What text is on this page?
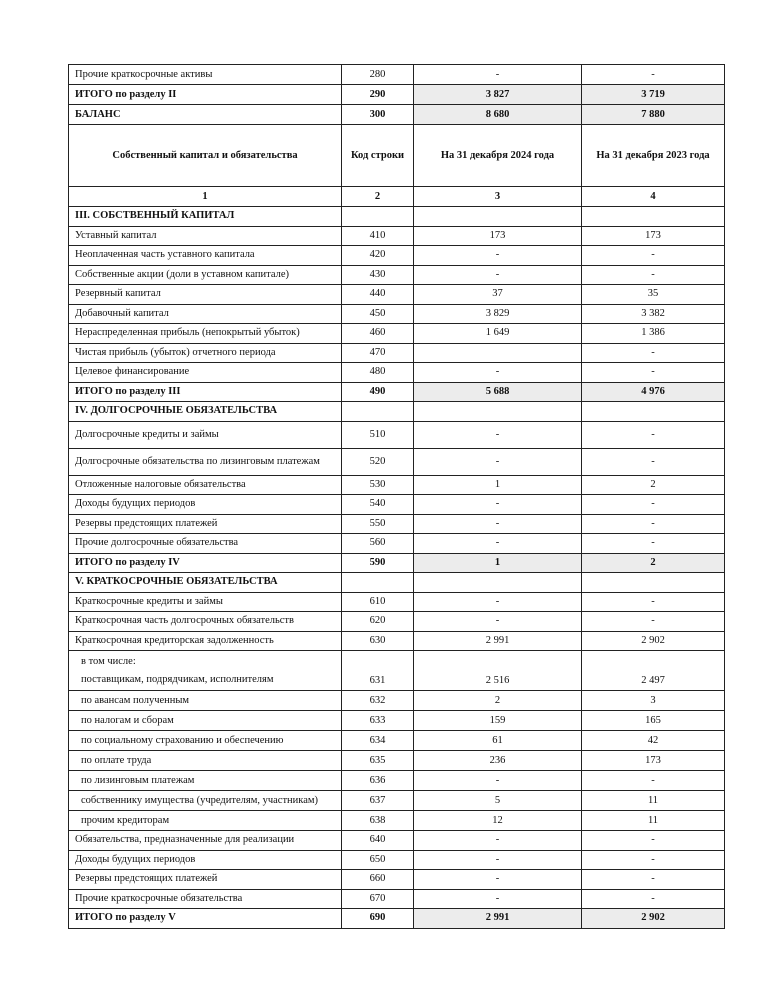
Прочие краткосрочные активы	280	-	-
ИТОГО по разделу II	290	3 827	3 719
БАЛАНС	300	8 680	7 880
Собственный капитал и обязательства	Код строки	На 31 декабря 2024 года	На 31 декабря 2023 года
1	2	3	4
III. СОБСТВЕННЫЙ КАПИТАЛ			
Уставный капитал	410	173	173
Неоплаченная часть уставного капитала	420	-	-
Собственные акции (доли в уставном капитале)	430	-	-
Резервный капитал	440	37	35
Добавочный капитал	450	3 829	3 382
Нераспределенная прибыль (непокрытый убыток)	460	1 649	1 386
Чистая прибыль (убыток) отчетного периода	470		-
Целевое финансирование	480	-	-
ИТОГО по разделу III	490	5 688	4 976
IV. ДОЛГОСРОЧНЫЕ ОБЯЗАТЕЛЬСТВА			
Долгосрочные кредиты и займы	510	-	-
Долгосрочные обязательства по лизинговым платежам	520	-	-
Отложенные налоговые обязательства	530	1	2
Доходы будущих периодов	540	-	-
Резервы предстоящих платежей	550	-	-
Прочие долгосрочные обязательства	560	-	-
ИТОГО по разделу IV	590	1	2
V. КРАТКОСРОЧНЫЕ ОБЯЗАТЕЛЬСТВА			
Краткосрочные кредиты и займы	610	-	-
Краткосрочная часть долгосрочных обязательств	620	-	-
Краткосрочная кредиторская задолженность	630	2 991	2 902

в том числе:
поставщикам, подрядчикам, исполнителям	631	2 516	2 497
по авансам полученным	632	2	3
по налогам и сборам	633	159	165
по социальному страхованию и обеспечению	634	61	42
по оплате труда	635	236	173
по лизинговым платежам	636	-	-
собственнику имущества (учредителям, участникам)	637	5	11
прочим кредиторам	638	12	11
Обязательства, предназначенные для реализации	640	-	-
Доходы будущих периодов	650	-	-
Резервы предстоящих платежей	660	-	-
Прочие краткосрочные обязательства	670	-	-
ИТОГО по разделу V	690	2 991	2 902
